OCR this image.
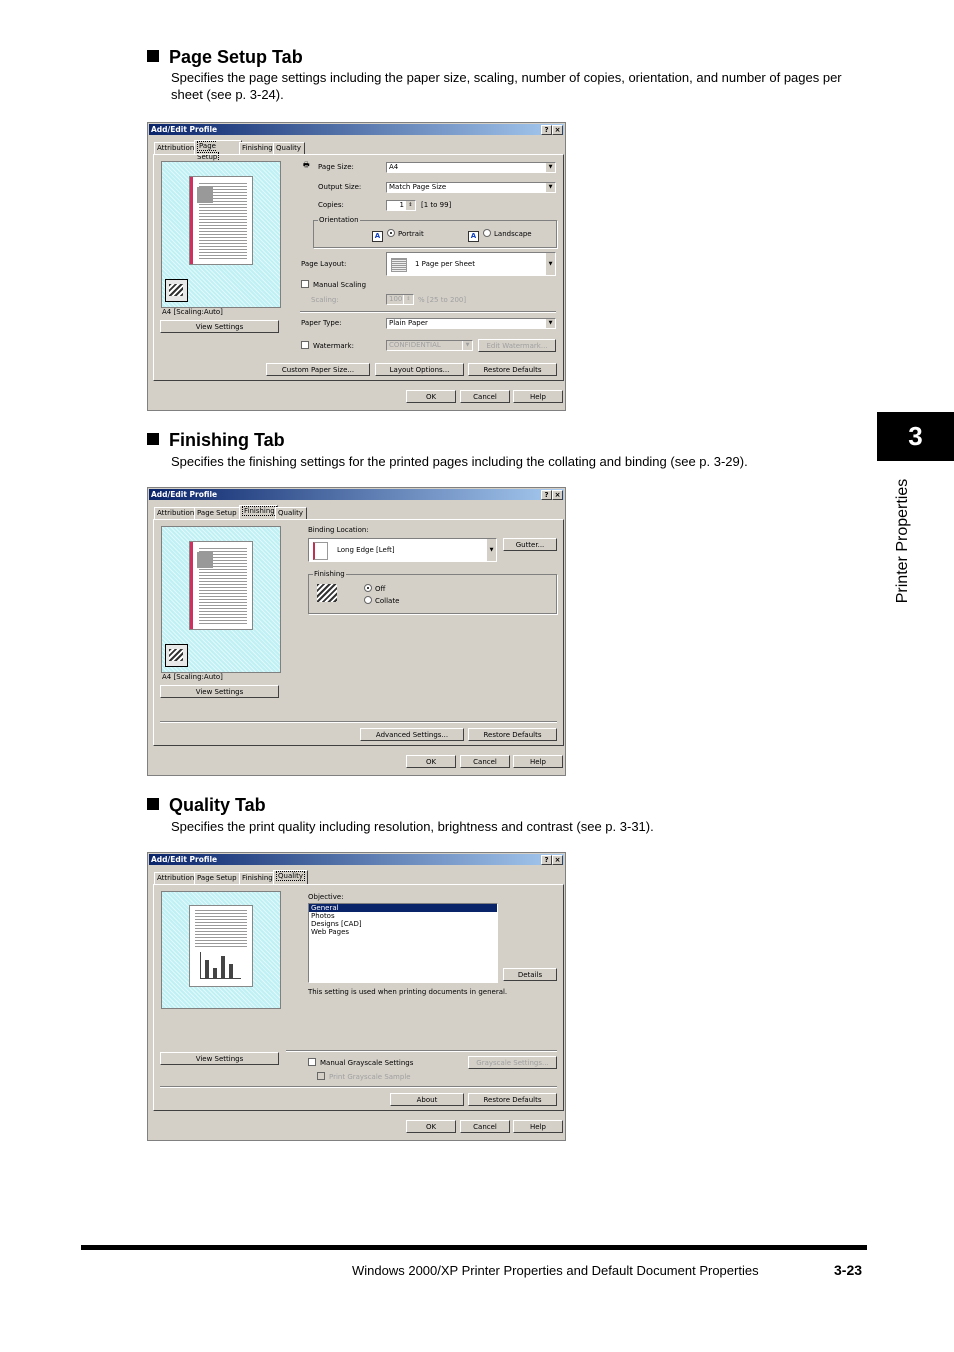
Page Setup Tab
Specifies the page settings including the paper size, scaling, number of copies, orientation, and number of pages per sheet (see p. 3-24).
Add/Edit Profile	? ×
Attribution Page Setup
Finishing Quality
A4 [Scaling:Auto]
View Settings
🖶 Page Size:	A4	▼
Output Size:	Match Page Size	▼
Copies:	1 ⇕	[1 to 99]
Orientation
A	Portrait	A	Landscape
Page Layout:	1 Page per Sheet	▼
Manual Scaling
Scaling:	100 ⇕	% [25 to 200]
Paper Type:	Plain Paper	▼
Watermark:	CONFIDENTIAL	▼	Edit Watermark...
Custom Paper Size...	Layout Options...	Restore Defaults
OK	Cancel	Help
Finishing Tab
Specifies the finishing settings for the printed pages including the collating and binding (see p. 3-29).
Add/Edit Profile	? ×
Attribution Page Setup	Finishing Quality
A4 [Scaling:Auto]
View Settings
Binding Location:
Long Edge [Left]	▼
Gutter...
Finishing
Off
Collate
Advanced Settings...	Restore Defaults
OK	Cancel	Help
Quality Tab
Specifies the print quality including resolution, brightness and contrast (see p. 3-31).
Add/Edit Profile	? ×
Attribution Page Setup Finishing Quality
Objective:
General
Photos
Designs [CAD]
Web Pages
Details
This setting is used when printing documents in general.
View Settings	Manual Grayscale Settings	Grayscale Settings...
Print Grayscale Sample
About	Restore Defaults
OK	Cancel	Help
3
Printer Properties
Windows 2000/XP Printer Properties and Default Document Properties	3-23
